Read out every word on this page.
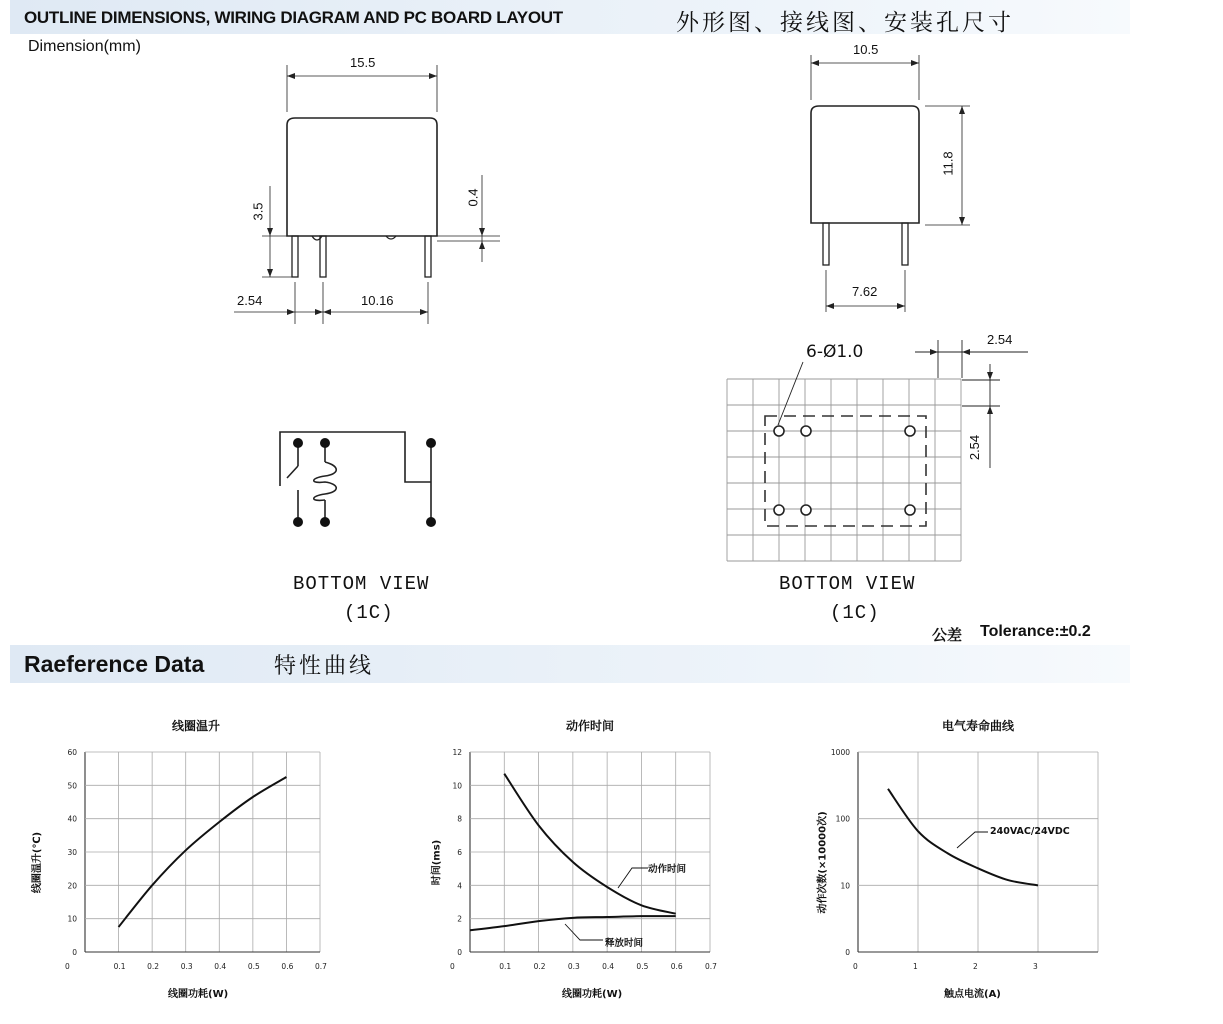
OUTLINE DIMENSIONS, WIRING DIAGRAM AND PC BOARD LAYOUT	外形图、接线图、安装孔尺寸
Dimension(mm)
15.5
3.5
0.4
2.54	10.16
10.5
11.8
7.62
BOTTOM VIEW
(1C)
6-Ø1.0
2.54
2.54
BOTTOM VIEW
(1C)
公差 Tolerance:±0.2
Raeference Data	特性曲线
线圈温升
0	0.1	0.2	0.3	0.4	0.5	0.6	0.7
0
10
20
30
40
50
60
线圈功耗(W)
线圈温升(℃)
动作时间
0	0.1	0.2	0.3	0.4	0.5	0.6	0.7
0
2
4
6
8
10
12
线圈功耗(W)
时间(ms)	动作时间
释放时间
电气寿命曲线
0	1	2	3
1000
100
10
0
触点电流(A)
动作次数(×10000次)	240VAC/24VDC
